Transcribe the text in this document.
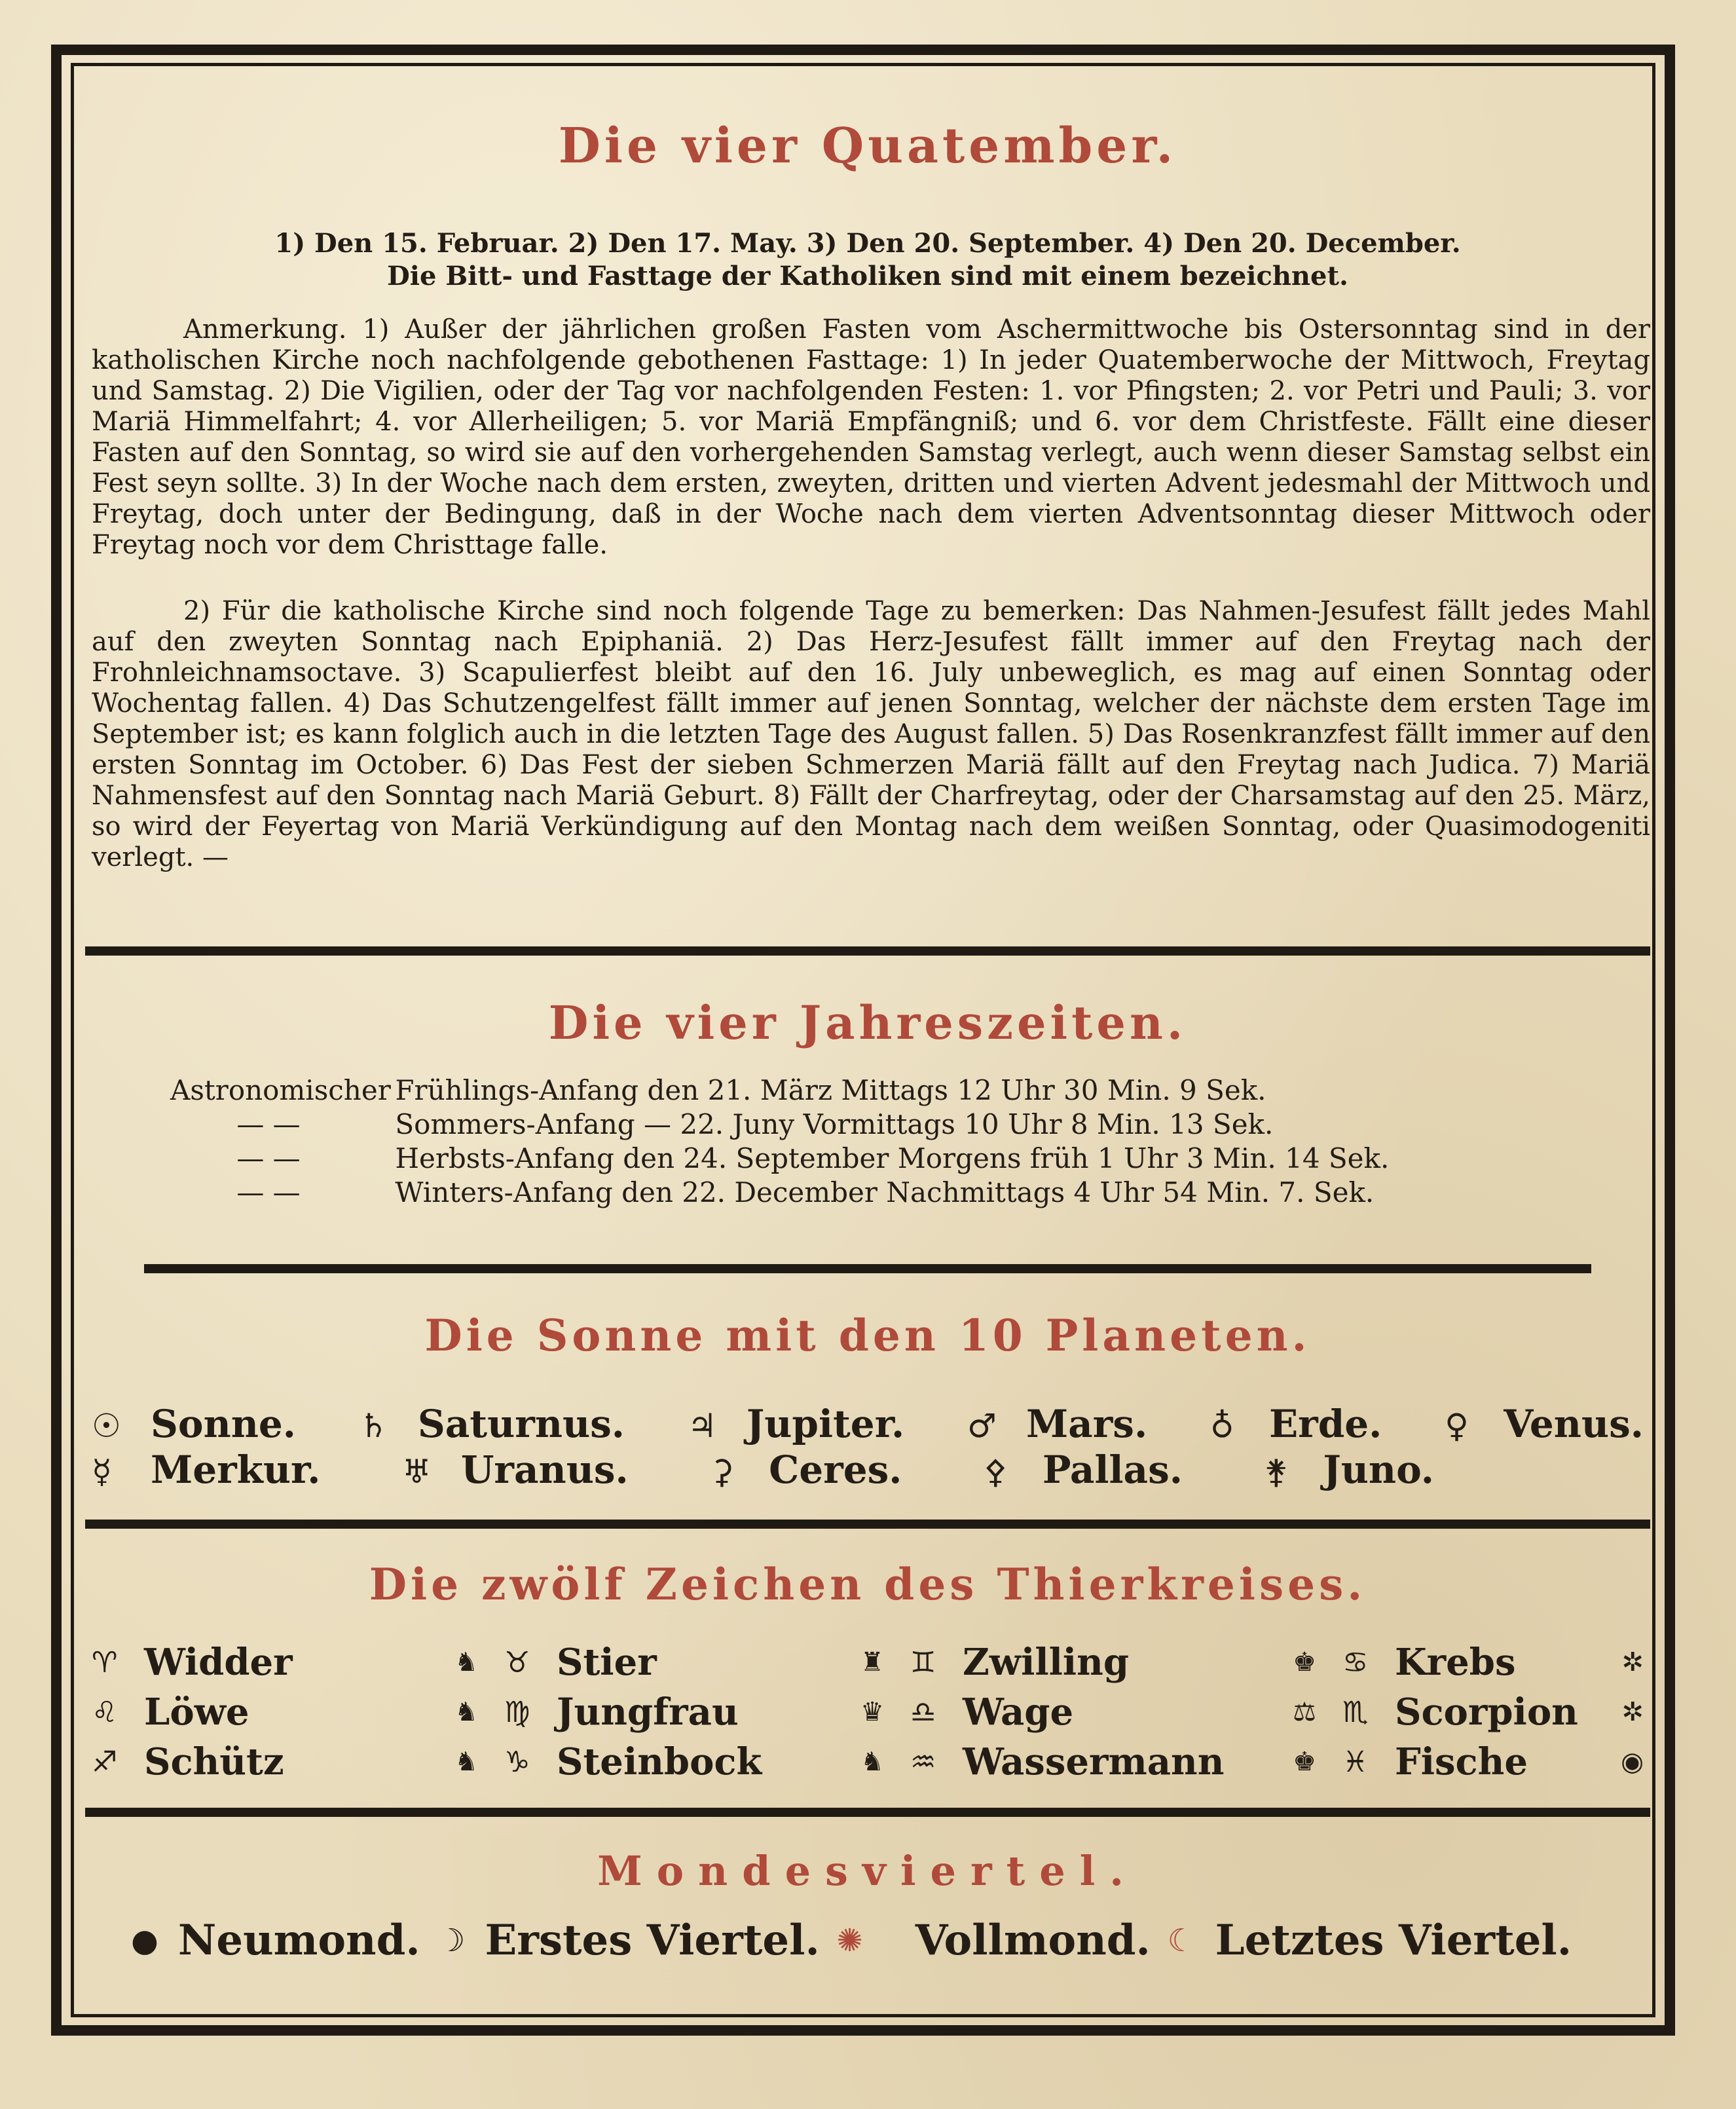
Die vier Quatember.

1) Den 15. Februar. 2) Den 17. May. 3) Den 20. September. 4) Den 20. December.

Die Bitt- und Fasttage der Katholiken sind mit einem bezeichnet.

Anmerkung. 1) Außer der jährlichen großen Fasten vom Aschermittwoche bis Ostersonntag sind in der katholischen Kirche noch nachfolgende gebothenen Fasttage: 1) In jeder Quatemberwoche der Mittwoch, Freytag und Samstag. 2) Die Vigilien, oder der Tag vor nachfolgenden Festen: 1. vor Pfingsten; 2. vor Petri und Pauli; 3. vor Mariä Himmelfahrt; 4. vor Allerheiligen; 5. vor Mariä Empfängniß; und 6. vor dem Christfeste. Fällt eine dieser Fasten auf den Sonntag, so wird sie auf den vorhergehenden Samstag verlegt, auch wenn dieser Samstag selbst ein Fest seyn sollte. 3) In der Woche nach dem ersten, zweyten, dritten und vierten Advent jedesmahl der Mittwoch und Freytag, doch unter der Bedingung, daß in der Woche nach dem vierten Adventsonntag dieser Mittwoch oder Freytag noch vor dem Christtage falle.

2) Für die katholische Kirche sind noch folgende Tage zu bemerken: Das Nahmen-Jesufest fällt jedes Mahl auf den zweyten Sonntag nach Epiphaniä. 2) Das Herz-Jesufest fällt immer auf den Freytag nach der Frohnleichnamsoctave. 3) Scapulierfest bleibt auf den 16. July unbeweglich, es mag auf einen Sonntag oder Wochentag fallen. 4) Das Schutzengelfest fällt immer auf jenen Sonntag, welcher der nächste dem ersten Tage im September ist; es kann folglich auch in die letzten Tage des August fallen. 5) Das Rosenkranzfest fällt immer auf den ersten Sonntag im October. 6) Das Fest der sieben Schmerzen Mariä fällt auf den Freytag nach Judica. 7) Mariä Nahmensfest auf den Sonntag nach Mariä Geburt. 8) Fällt der Charfreytag, oder der Charsamstag auf den 25. März, so wird der Feyertag von Mariä Verkündigung auf den Montag nach dem weißen Sonntag, oder Quasimodogeniti verlegt. —

Die vier Jahreszeiten.
Astronomischer Frühlings-Anfang den 21. März Mittags 12 Uhr 30 Min. 9 Sek.
— —	Sommers-Anfang — 22. Juny Vormittags 10 Uhr 8 Min. 13 Sek.
— —	Herbsts-Anfang den 24. September Morgens früh 1 Uhr 3 Min. 14 Sek.
— —	Winters-Anfang den 22. December Nachmittags 4 Uhr 54 Min. 7. Sek.
Die Sonne mit den 10 Planeten.
☉ Sonne. ♄ Saturnus. ♃ Jupiter. ♂ Mars. ♁ Erde. ♀ Venus.
☿	Merkur. ♅ Uranus. ⚳ Ceres. ⚴ Pallas. ⚵ Juno.
Die zwölf Zeichen des Thierkreises.
♈ Widder	♞ ♉ Stier	♜ ♊ Zwilling	♚ ♋ Krebs	✲
♌ Löwe	♞ ♍ Jungfrau	♛ ♎ Wage	⚖ ♏ Scorpion ✲
♐ Schütz	♞ ♑ Steinbock	♞ ♒ Wassermann	♚ ♓ Fische	◉
Mondesviertel.
● Neumond. ☽ Erstes Viertel. ✺ Vollmond. ☾ Letztes Viertel.
